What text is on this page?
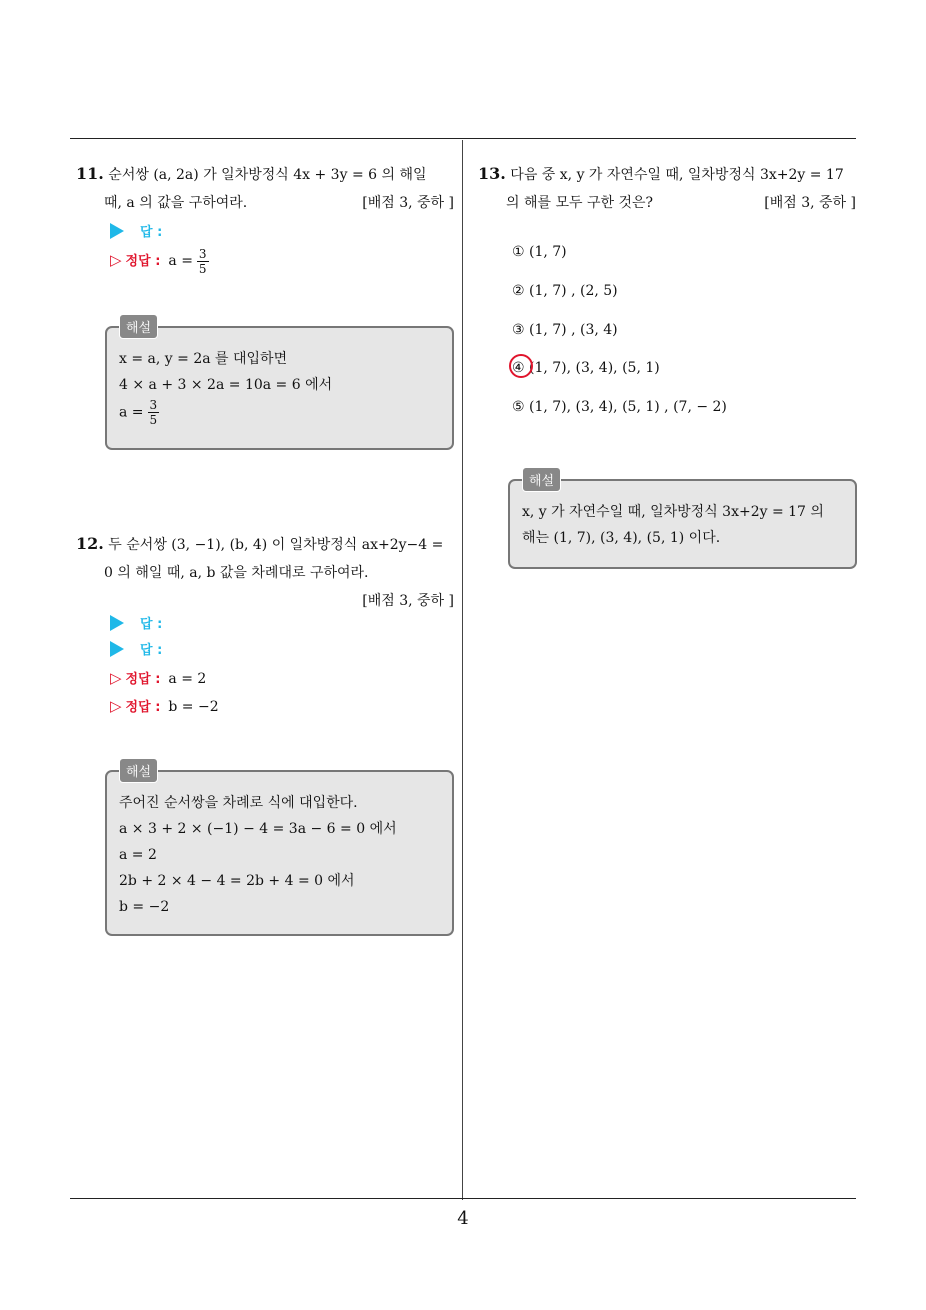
4
11. 순서쌍 (a, 2a) 가 일차방정식 4x + 3y = 6 의 해일
때, a 의 값을 구하여라.	[배점 3, 중하 ]
답 :
▷ 정답 : $a = \frac{3}{5}$
해설
x = a, y = 2a 를 대입하면
4 × a + 3 × 2a = 10a = 6 에서
$a = \frac{3}{5}$
12. 두 순서쌍 (3, −1), (b, 4) 이 일차방정식 ax+2y−4 =
0 의 해일 때, a, b 값을 차례대로 구하여라.
[배점 3, 중하 ]
답 :
답 :
▷ 정답 : a = 2
▷ 정답 : b = −2
해설
주어진 순서쌍을 차례로 식에 대입한다.
a × 3 + 2 × (−1) − 4 = 3a − 6 = 0 에서
a = 2
2b + 2 × 4 − 4 = 2b + 4 = 0 에서
b = −2
13. 다음 중 x, y 가 자연수일 때, 일차방정식 3x+2y = 17
의 해를 모두 구한 것은?	[배점 3, 중하 ]
① (1, 7)
② (1, 7) , (2, 5)
③ (1, 7) , (3, 4)
④ (1, 7), (3, 4), (5, 1)
⑤ (1, 7), (3, 4), (5, 1) , (7, − 2)
해설
x, y 가 자연수일 때, 일차방정식 3x+2y = 17 의
해는 (1, 7), (3, 4), (5, 1) 이다.
